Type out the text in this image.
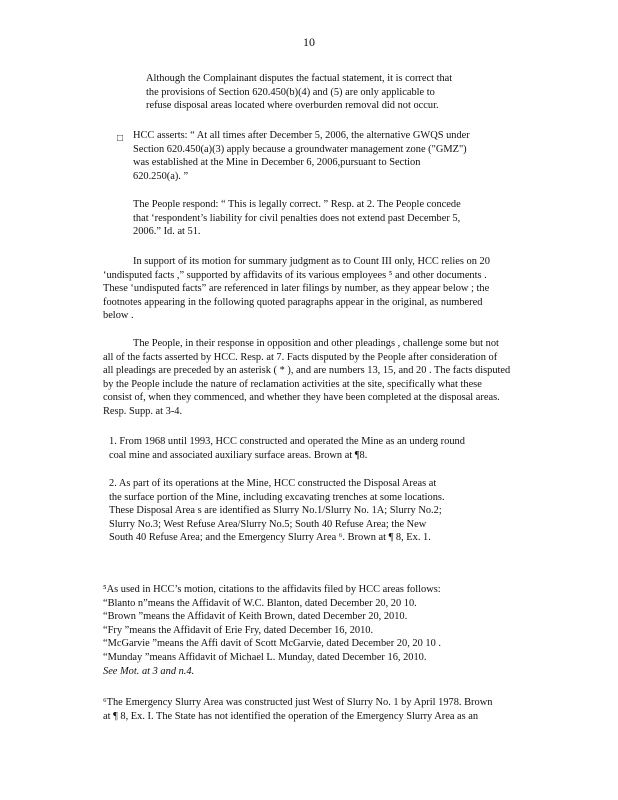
10
Although the Complainant disputes the factual statement, it is correct that
the provisions of Section 620.450(b)(4) and (5) are only applicable to
refuse disposal areas located where overburden removal did not occur.
□ HCC asserts: “ At all times after December 5, 2006, the alternative GWQS under
Section 620.450(a)(3) apply because a groundwater management zone ("GMZ")
was established at the Mine in December 6, 2006,pursuant to Section
620.250(a). ”
The People respond: “ This is legally correct. ” Resp. at 2. The People concede
that ‘respondent’s liability for civil penalties does not extend past December 5,
2006.” Id. at 51.
In support of its motion for summary judgment as to Count III only, HCC relies on 20
‘undisputed facts ,” supported by affidavits of its various employees ⁵ and other documents .
These ‘undisputed facts” are referenced in later filings by number, as they appear below ; the
footnotes appearing in the following quoted paragraphs appear in the original, as numbered
below .
The People, in their response in opposition and other pleadings , challenge some but not
all of the facts asserted by HCC. Resp. at 7. Facts disputed by the People after consideration of
all pleadings are preceded by an asterisk ( * ), and are numbers 13, 15, and 20 . The facts disputed
by the People include the nature of reclamation activities at the site, specifically what these
consist of, when they commenced, and whether they have been completed at the disposal areas.
Resp. Supp. at 3-4.
1. From 1968 until 1993, HCC constructed and operated the Mine as an underg round
coal mine and associated auxiliary surface areas. Brown at ¶8.
2. As part of its operations at the Mine, HCC constructed the Disposal Areas at
the surface portion of the Mine, including excavating trenches at some locations.
These Disposal Area s are identified as Slurry No.1/Slurry No. 1A; Slurry No.2;
Slurry No.3; West Refuse Area/Slurry No.5; South 40 Refuse Area; the New
South 40 Refuse Area; and the Emergency Slurry Area ⁶. Brown at ¶ 8, Ex. 1.
⁵As used in HCC’s motion, citations to the affidavits filed by HCC areas follows:
“Blanto n”means the Affidavit of W.C. Blanton, dated December 20, 20 10.
“Brown ”means the Affidavit of Keith Brown, dated December 20, 2010.
“Fry ”means the Affidavit of Erie Fry, dated December 16, 2010.
“McGarvie ”means the Affi davit of Scott McGarvie, dated December 20, 20 10 .
“Munday ”means Affidavit of Michael L. Munday, dated December 16, 2010.
See Mot. at 3 and n.4.
⁶The Emergency Slurry Area was constructed just West of Slurry No. 1 by April 1978. Brown
at ¶ 8, Ex. I. The State has not identified the operation of the Emergency Slurry Area as an
